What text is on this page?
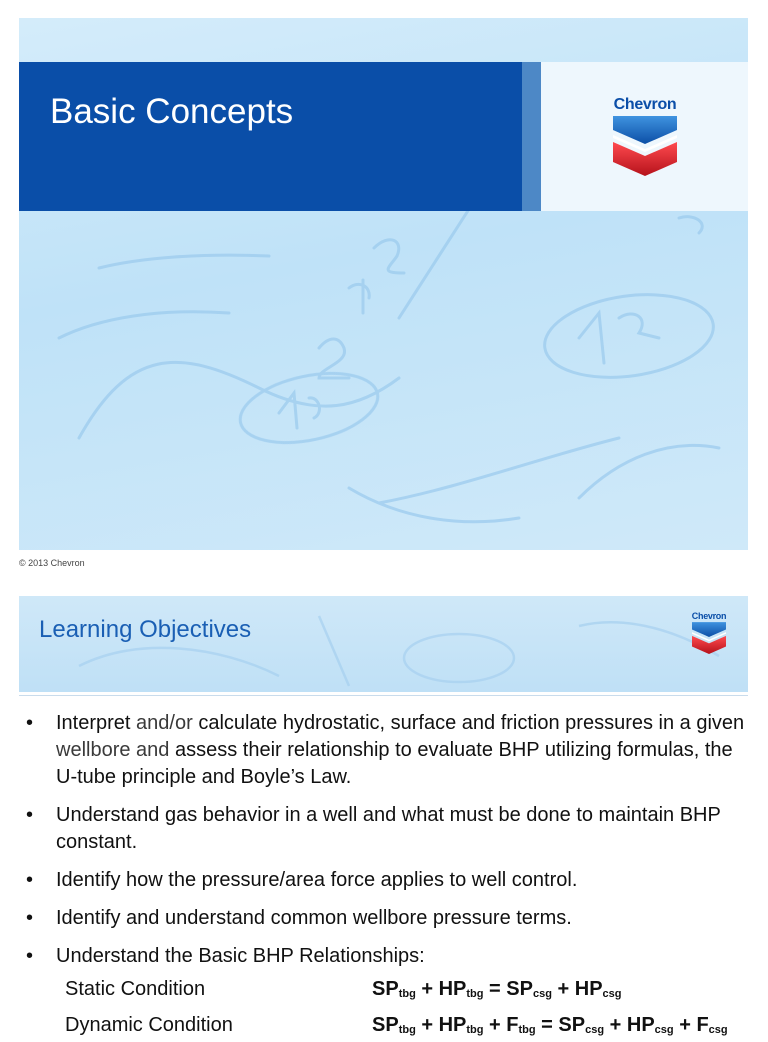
Basic Concepts	Chevron
© 2013 Chevron
Learning Objectives	Chevron
• Interpret and/or calculate hydrostatic, surface and friction pressures in a given wellbore and assess their relationship to evaluate BHP utilizing formulas, the U-tube principle and Boyle’s Law.
• Understand gas behavior in a well and what must be done to maintain BHP constant.
• Identify how the pressure/area force applies to well control.
• Identify and understand common wellbore pressure terms.
• Understand the Basic BHP Relationships:
Static Condition	$SP_{tbg} + HP_{tbg} = SP_{csg} + HP_{csg}$
Dynamic Condition	$SP_{tbg} + HP_{tbg} + F_{tbg} = SP_{csg} + HP_{csg} + F_{csg}$
